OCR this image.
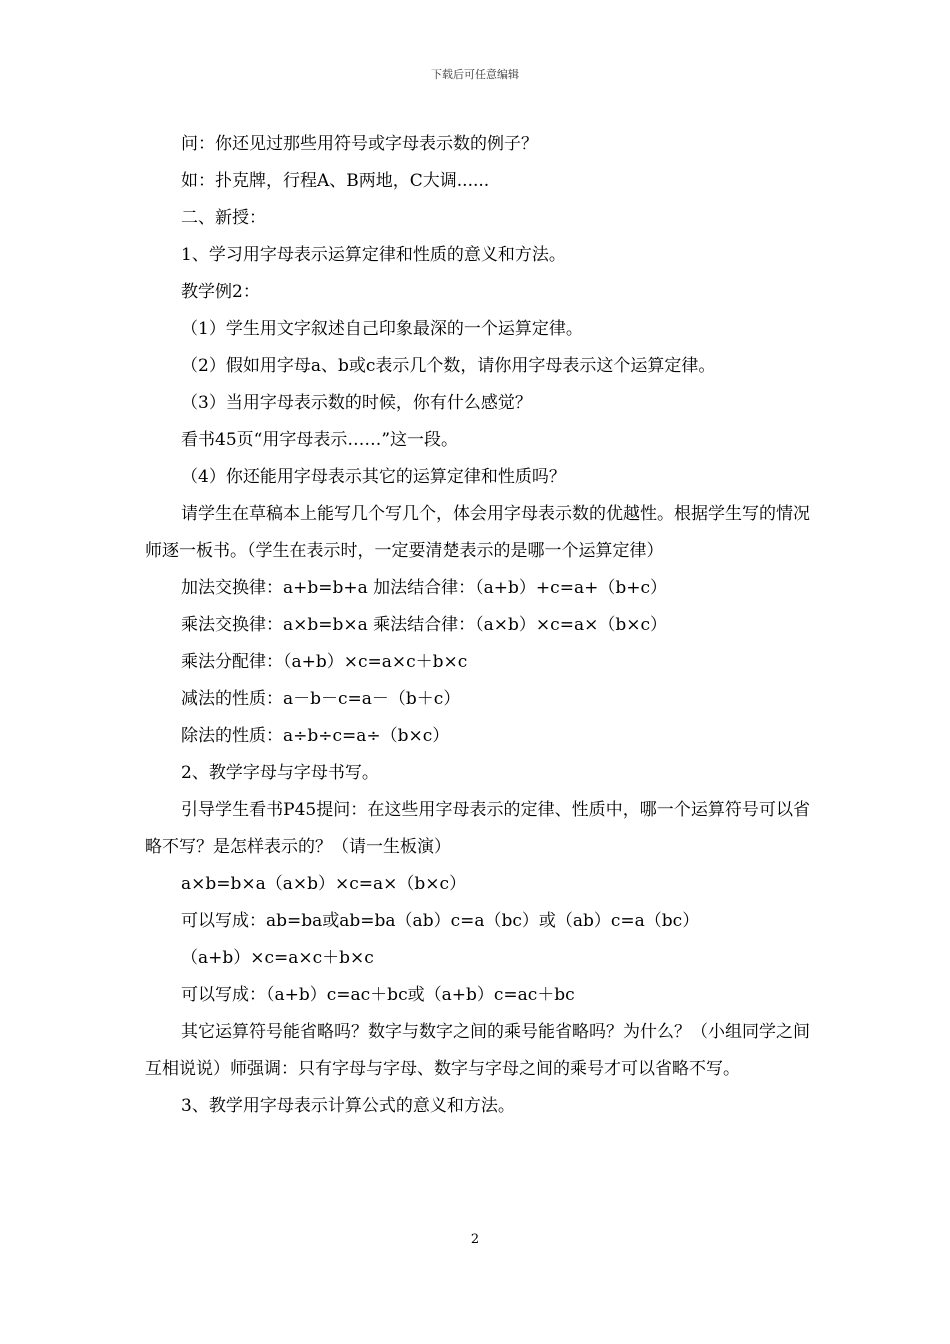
下载后可任意编辑

问：你还见过那些用符号或字母表示数的例子？

如：扑克牌，行程A、B两地，C大调......

二、新授：

1、学习用字母表示运算定律和性质的意义和方法。

教学例2：

（1）学生用文字叙述自己印象最深的一个运算定律。

（2）假如用字母a、b或c表示几个数，请你用字母表示这个运算定律。

（3）当用字母表示数的时候，你有什么感觉？

看书45页“用字母表示……”这一段。

（4）你还能用字母表示其它的运算定律和性质吗？

请学生在草稿本上能写几个写几个，体会用字母表示数的优越性。根据学生写的情况师逐一板书。（学生在表示时，一定要清楚表示的是哪一个运算定律）

加法交换律：a+b=b+a 加法结合律：（a+b）+c=a+（b+c）

乘法交换律：a×b=b×a 乘法结合律：（a×b）×c=a×（b×c）

乘法分配律：（a+b）×c=a×c＋b×c

减法的性质：a－b－c=a－（b＋c）

除法的性质：a÷b÷c=a÷（b×c）

2、教学字母与字母书写。

引导学生看书P45提问：在这些用字母表示的定律、性质中，哪一个运算符号可以省略不写？是怎样表示的？（请一生板演）

a×b=b×a（a×b）×c=a×（b×c）

可以写成：ab=ba或ab=ba（ab）c=a（bc）或（ab）c=a（bc）

（a+b）×c=a×c＋b×c

可以写成：（a+b）c=ac＋bc或（a+b）c=ac＋bc

其它运算符号能省略吗？数字与数字之间的乘号能省略吗？为什么？（小组同学之间互相说说）师强调：只有字母与字母、数字与字母之间的乘号才可以省略不写。

3、教学用字母表示计算公式的意义和方法。

2
